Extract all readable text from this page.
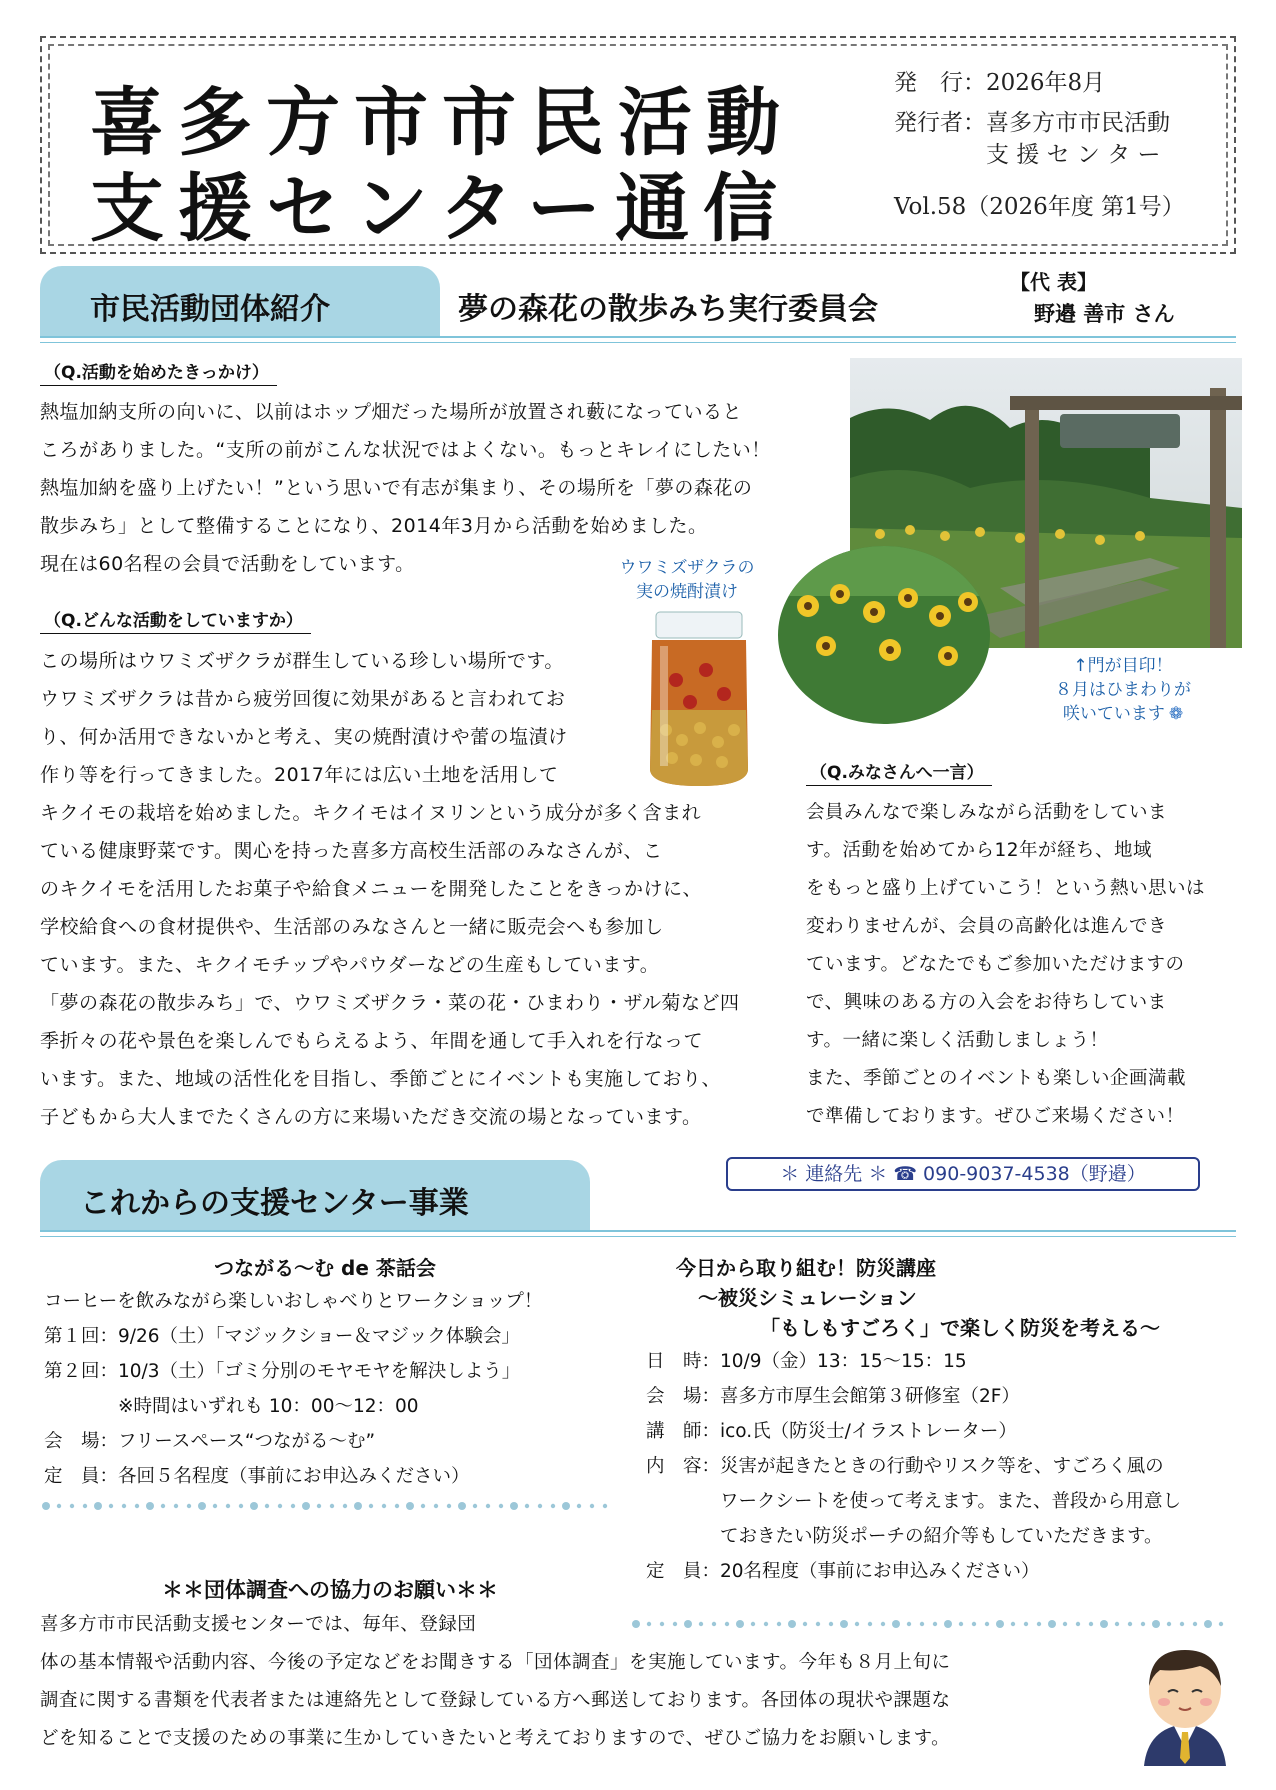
喜多方市市民活動
支援センター通信
発　行：2026年8月
発行者：喜多方市市民活動
支 援 セ ン タ ー
Vol.58（2026年度 第1号）
市民活動団体紹介	夢の森花の散歩みち実行委員会
【代 表】
野邉 善市 さん
（Q.活動を始めたきっかけ）

熱塩加納支所の向いに、以前はホップ畑だった場所が放置され藪になっていると

ころがありました。“支所の前がこんな状況ではよくない。もっとキレイにしたい！

熱塩加納を盛り上げたい！”という思いで有志が集まり、その場所を「夢の森花の

散歩みち」として整備することになり、2014年3月から活動を始めました。

現在は60名程の会員で活動をしています。

（Q.どんな活動をしていますか）

この場所はウワミズザクラが群生している珍しい場所です。

ウワミズザクラは昔から疲労回復に効果があると言われてお

り、何か活用できないかと考え、実の焼酎漬けや蕾の塩漬け

作り等を行ってきました。2017年には広い土地を活用して

キクイモの栽培を始めました。キクイモはイヌリンという成分が多く含まれ

ている健康野菜です。関心を持った喜多方高校生活部のみなさんが、こ

のキクイモを活用したお菓子や給食メニューを開発したことをきっかけに、

学校給食への食材提供や、生活部のみなさんと一緒に販売会へも参加し

ています。また、キクイモチップやパウダーなどの生産もしています。

「夢の森花の散歩みち」で、ウワミズザクラ・菜の花・ひまわり・ザル菊など四

季折々の花や景色を楽しんでもらえるよう、年間を通して手入れを行なって

います。また、地域の活性化を目指し、季節ごとにイベントも実施しており、

子どもから大人までたくさんの方に来場いただき交流の場となっています。

ウワミズザクラの
実の焼酎漬け
↑門が目印！
８月はひまわりが
咲いています ❁
（Q.みなさんへ一言）

会員みんなで楽しみながら活動をしていま

す。活動を始めてから12年が経ち、地域

をもっと盛り上げていこう！という熱い思いは

変わりませんが、会員の高齢化は進んでき

ています。どなたでもご参加いただけますの

で、興味のある方の入会をお待ちしていま

す。一緒に楽しく活動しましょう！

また、季節ごとのイベントも楽しい企画満載

で準備しております。ぜひご来場ください！

＊ 連絡先 ＊ ☎ 090-9037-4538（野邉）
これからの支援センター事業
つながる～む de 茶話会

コーヒーを飲みながら楽しいおしゃべりとワークショップ！

第１回：9/26（土）「マジックショー＆マジック体験会」

第２回：10/3（土）「ゴミ分別のモヤモヤを解決しよう」

　　　　※時間はいずれも 10：00～12：00

会　場：フリースペース“つながる～む”

定　員：各回５名程度（事前にお申込みください）

今日から取り組む！防災講座
～被災シミュレーション
「もしもすごろく」で楽しく防災を考える～

日　時：10/9（金）13：15～15：15

会　場：喜多方市厚生会館第３研修室（2F）

講　師：ico.氏（防災士/イラストレーター）

内　容：災害が起きたときの行動やリスク等を、すごろく風の

　　　　ワークシートを使って考えます。また、普段から用意し

　　　　ておきたい防災ポーチの紹介等もしていただきます。

定　員：20名程度（事前にお申込みください）

＊＊団体調査への協力のお願い＊＊

喜多方市市民活動支援センターでは、毎年、登録団

体の基本情報や活動内容、今後の予定などをお聞きする「団体調査」を実施しています。今年も８月上旬に

調査に関する書類を代表者または連絡先として登録している方へ郵送しております。各団体の現状や課題な

どを知ることで支援のための事業に生かしていきたいと考えておりますので、ぜひご協力をお願いします。
